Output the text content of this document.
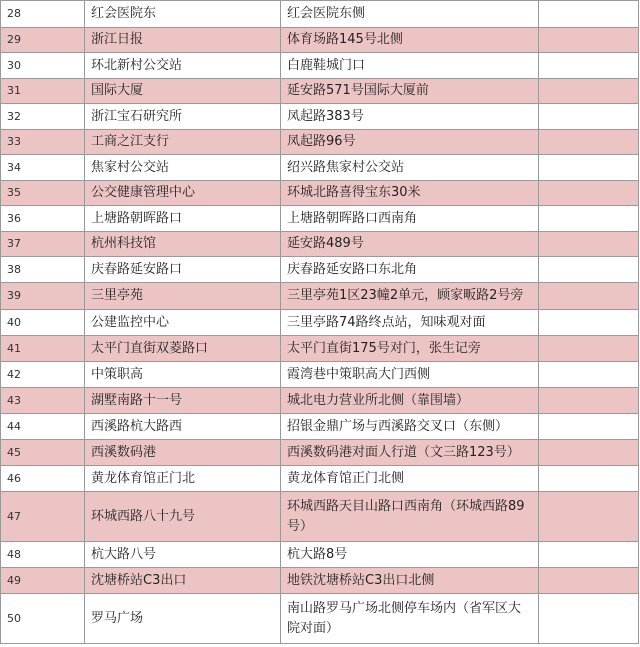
28	红会医院东	红会医院东侧	
29	浙江日报	体育场路145号北侧	
30	环北新村公交站	白鹿鞋城门口	
31	国际大厦	延安路571号国际大厦前	
32	浙江宝石研究所	凤起路383号	
33	工商之江支行	凤起路96号	
34	焦家村公交站	绍兴路焦家村公交站	
35	公交健康管理中心	环城北路喜得宝东30米	
36	上塘路朝晖路口	上塘路朝晖路口西南角	
37	杭州科技馆	延安路489号	
38	庆春路延安路口	庆春路延安路口东北角	
39	三里亭苑	三里亭苑1区23幢2单元，顾家畈路2号旁	
40	公建监控中心	三里亭路74路终点站，知味观对面	
41	太平门直街双菱路口	太平门直街175号对门，张生记旁	
42	中策职高	霞湾巷中策职高大门西侧	
43	湖墅南路十一号	城北电力营业所北侧（靠围墙）	
44	西溪路杭大路西	招银金鼎广场与西溪路交叉口（东侧）	
45	西溪数码港	西溪数码港对面人行道（文三路123号）	
46	黄龙体育馆正门北	黄龙体育馆正门北侧	
47	环城西路八十九号	环城西路天目山路口西南角（环城西路89号）	
48	杭大路八号	杭大路8号	
49	沈塘桥站C3出口	地铁沈塘桥站C3出口北侧	
50	罗马广场	南山路罗马广场北侧停车场内（省军区大院对面）	
